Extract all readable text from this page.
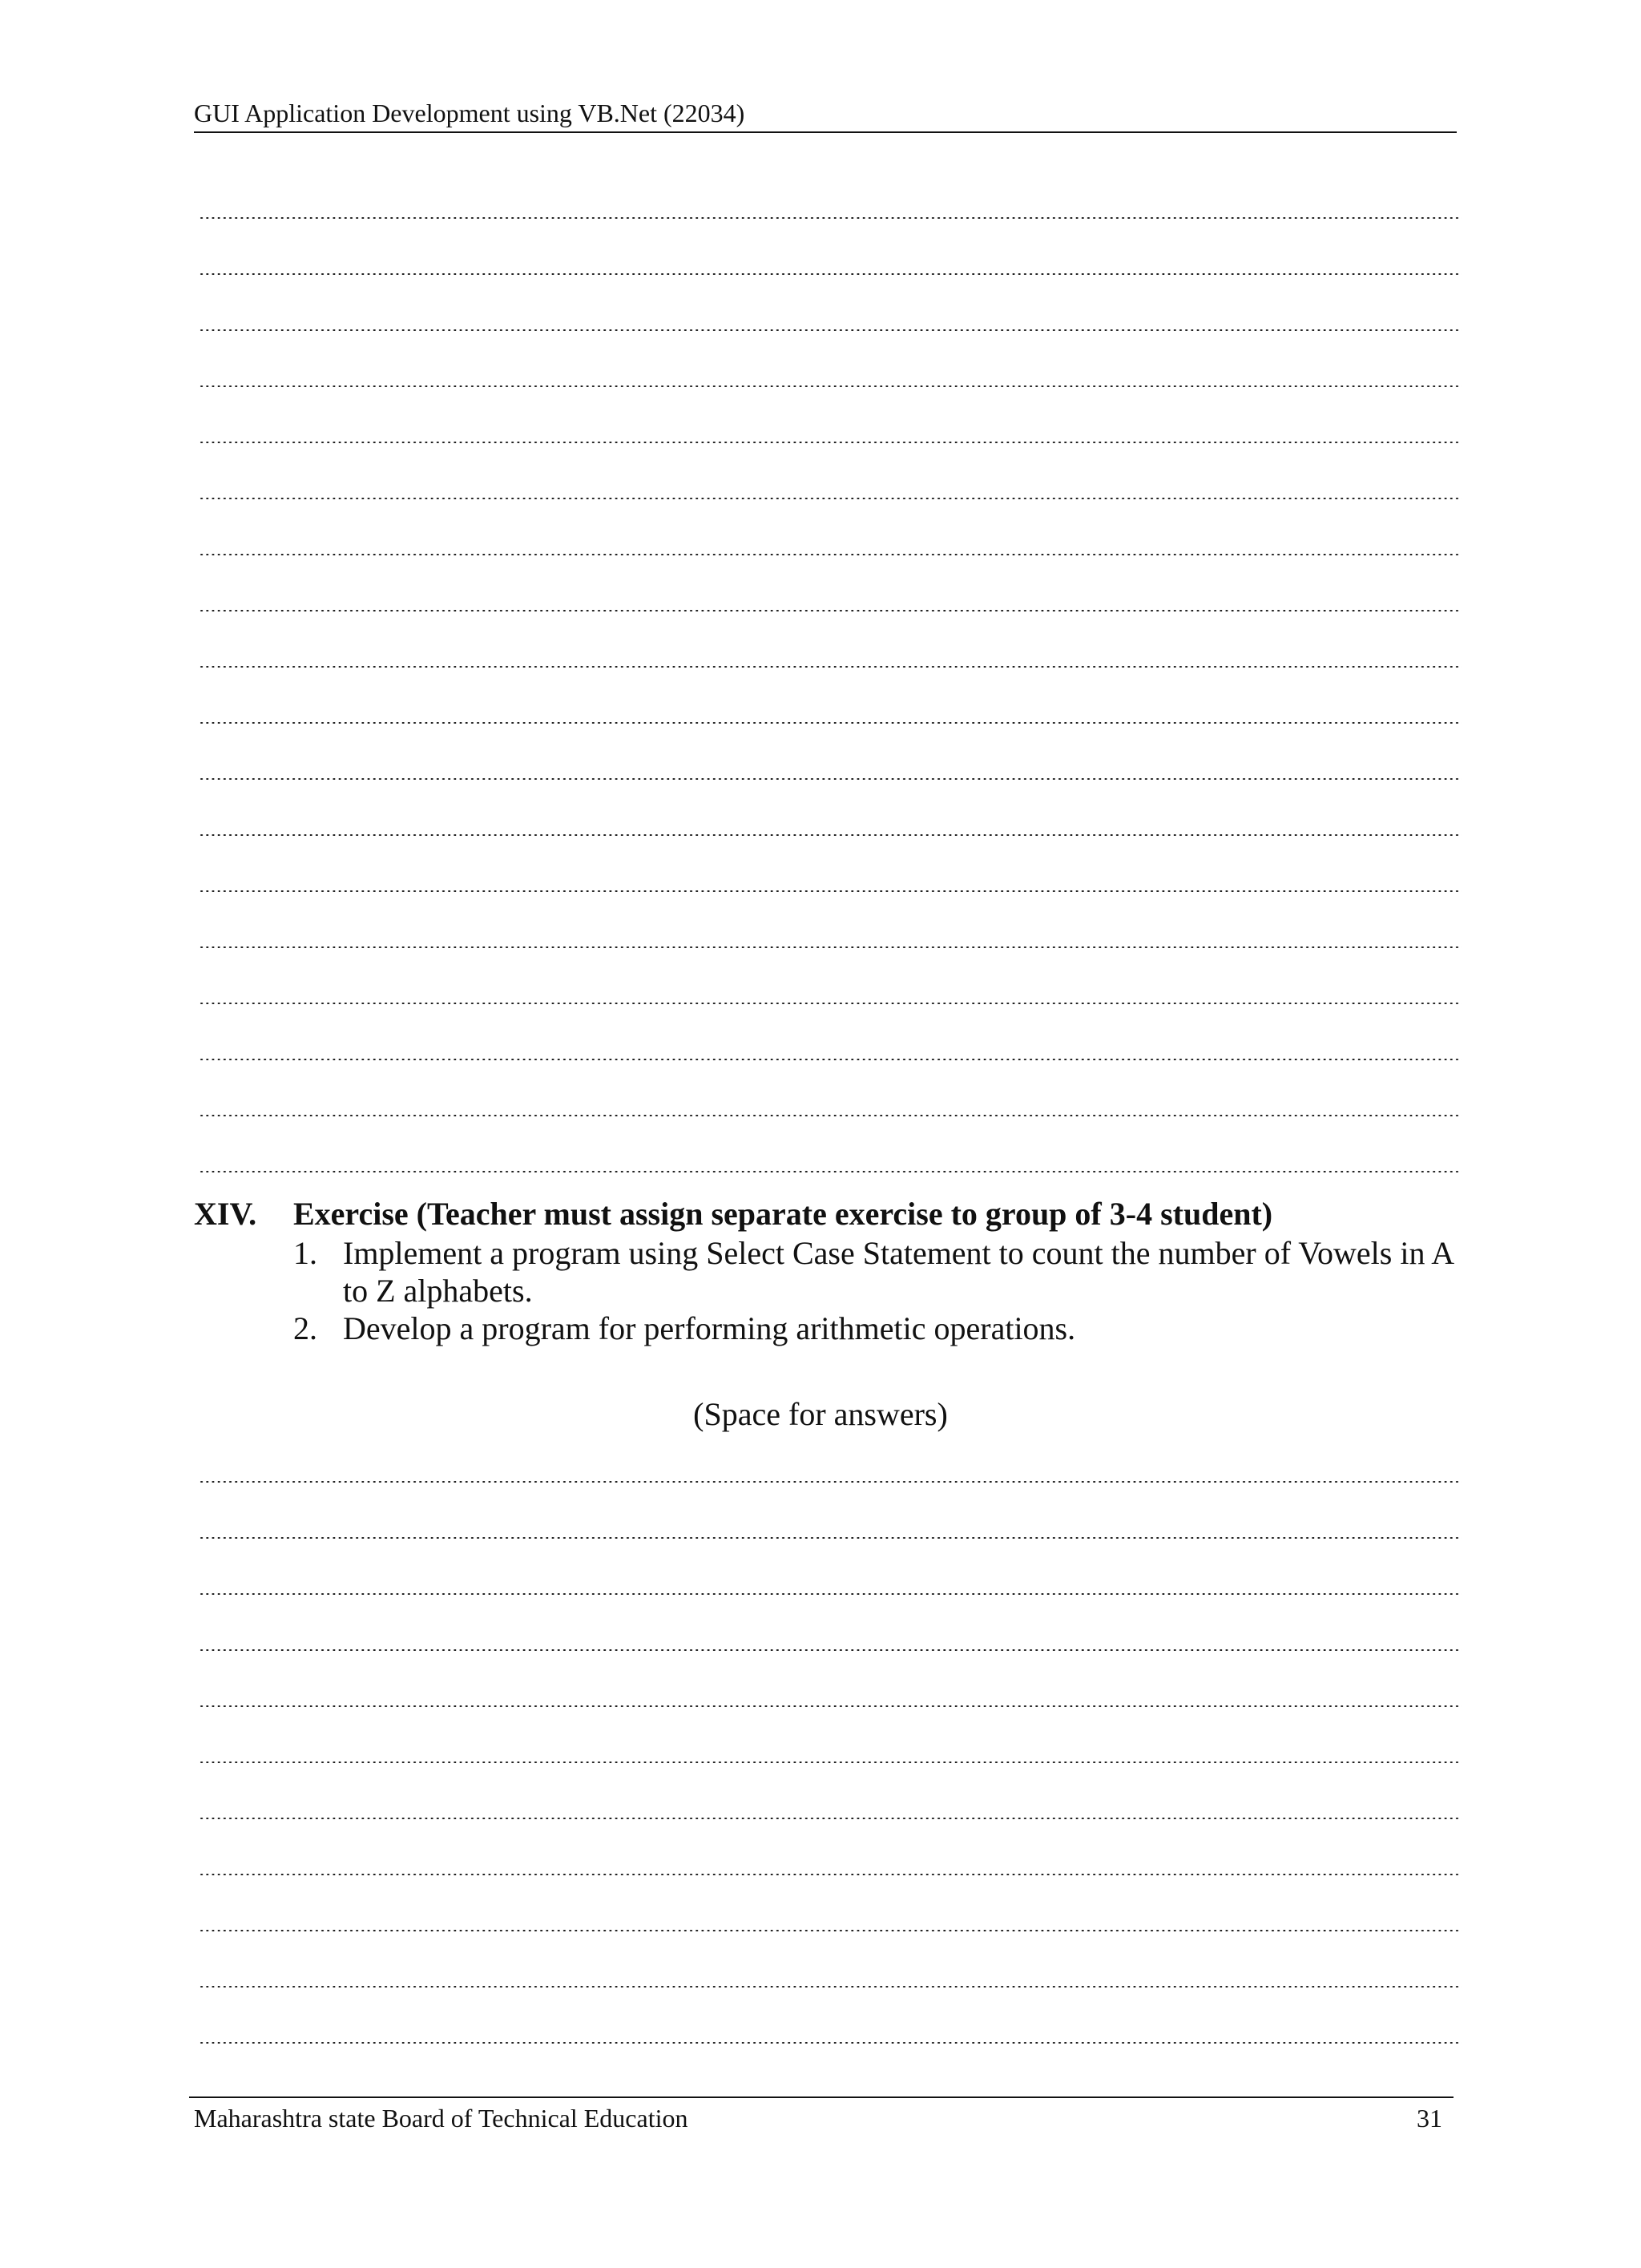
GUI Application Development using VB.Net (22034)
XIV. Exercise (Teacher must assign separate exercise to group of 3-4 student)
1. Implement a program using Select Case Statement to count the number of Vowels in A to Z alphabets.
2. Develop a program for performing arithmetic operations.
(Space for answers)
Maharashtra state Board of Technical Education	31
